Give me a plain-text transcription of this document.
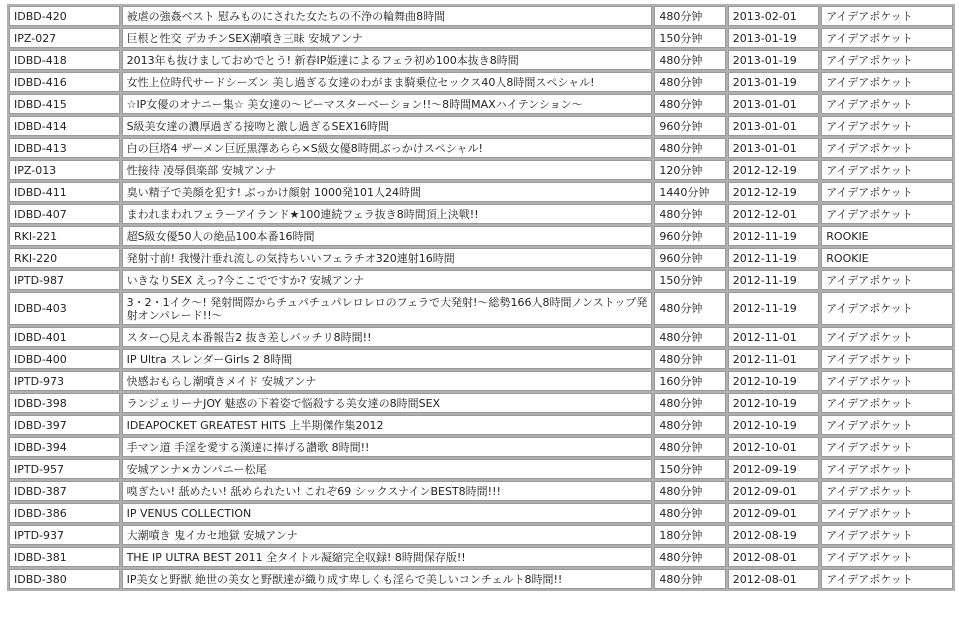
IDBD-420	被虐の強姦ベスト 慰みものにされた女たちの不浄の輪舞曲8時間	480分钟	2013-02-01	アイデアポケット
IPZ-027	巨根と性交 デカチンSEX潮噴き三昧 安城アンナ	150分钟	2013-01-19	アイデアポケット
IDBD-418	2013年も抜けましておめでとう! 新春IP姫達によるフェラ初め100本抜き8時間	480分钟	2013-01-19	アイデアポケット
IDBD-416	女性上位時代サードシーズン 美し過ぎる女達のわがまま騎乗位セックス40人8時間スペシャル!	480分钟	2013-01-19	アイデアポケット
IDBD-415	☆IP女優のオナニー集☆ 美女達の～ビーマスターベーション!!～8時間MAXハイテンション～	480分钟	2013-01-01	アイデアポケット
IDBD-414	S級美女達の濃厚過ぎる接吻と激し過ぎるSEX16時間	960分钟	2013-01-01	アイデアポケット
IDBD-413	白の巨塔4 ザーメン巨匠黒澤あらら×S級女優8時間ぶっかけスペシャル!	480分钟	2013-01-01	アイデアポケット
IPZ-013	性接待 凌辱倶楽部 安城アンナ	120分钟	2012-12-19	アイデアポケット
IDBD-411	臭い精子で美顔を犯す! ぶっかけ顔射 1000発101人24時間	1440分钟	2012-12-19	アイデアポケット
IDBD-407	まわれまわれフェラーアイランド★100連続フェラ抜き8時間頂上決戦!!	480分钟	2012-12-01	アイデアポケット
RKI-221	超S級女優50人の絶品100本番16時間	960分钟	2012-11-19	ROOKIE
RKI-220	発射寸前! 我慢汁垂れ流しの気持ちいいフェラチオ320連射16時間	960分钟	2012-11-19	ROOKIE
IPTD-987	いきなりSEX えっ?今ここでですか? 安城アンナ	150分钟	2012-11-19	アイデアポケット
IDBD-403	3・2・1イク～! 発射間際からチュパチュパレロレロのフェラで大発射!～総勢166人8時間ノンストップ発射オンパレード!!～	480分钟	2012-11-19	アイデアポケット
IDBD-401	スター○見え本番報告2 抜き差しバッチリ8時間!!	480分钟	2012-11-01	アイデアポケット
IDBD-400	IP Ultra スレンダーGirls 2 8時間	480分钟	2012-11-01	アイデアポケット
IPTD-973	快感おもらし潮噴きメイド 安城アンナ	160分钟	2012-10-19	アイデアポケット
IDBD-398	ランジェリーナJOY 魅惑の下着姿で悩殺する美女達の8時間SEX	480分钟	2012-10-19	アイデアポケット
IDBD-397	IDEAPOCKET GREATEST HITS 上半期傑作集2012	480分钟	2012-10-19	アイデアポケット
IDBD-394	手マン道 手淫を愛する漢達に捧げる讃歌 8時間!!	480分钟	2012-10-01	アイデアポケット
IPTD-957	安城アンナ×カンパニー松尾	150分钟	2012-09-19	アイデアポケット
IDBD-387	嗅ぎたい! 舐めたい! 舐められたい! これぞ69 シックスナインBEST8時間!!!	480分钟	2012-09-01	アイデアポケット
IDBD-386	IP VENUS COLLECTION	480分钟	2012-09-01	アイデアポケット
IPTD-937	大潮噴き 鬼イカセ地獄 安城アンナ	180分钟	2012-08-19	アイデアポケット
IDBD-381	THE IP ULTRA BEST 2011 全タイトル凝縮完全収録! 8時間保存版!!	480分钟	2012-08-01	アイデアポケット
IDBD-380	IP美女と野獣 絶世の美女と野獣達が織り成す卑しくも淫らで美しいコンチェルト8時間!!	480分钟	2012-08-01	アイデアポケット
